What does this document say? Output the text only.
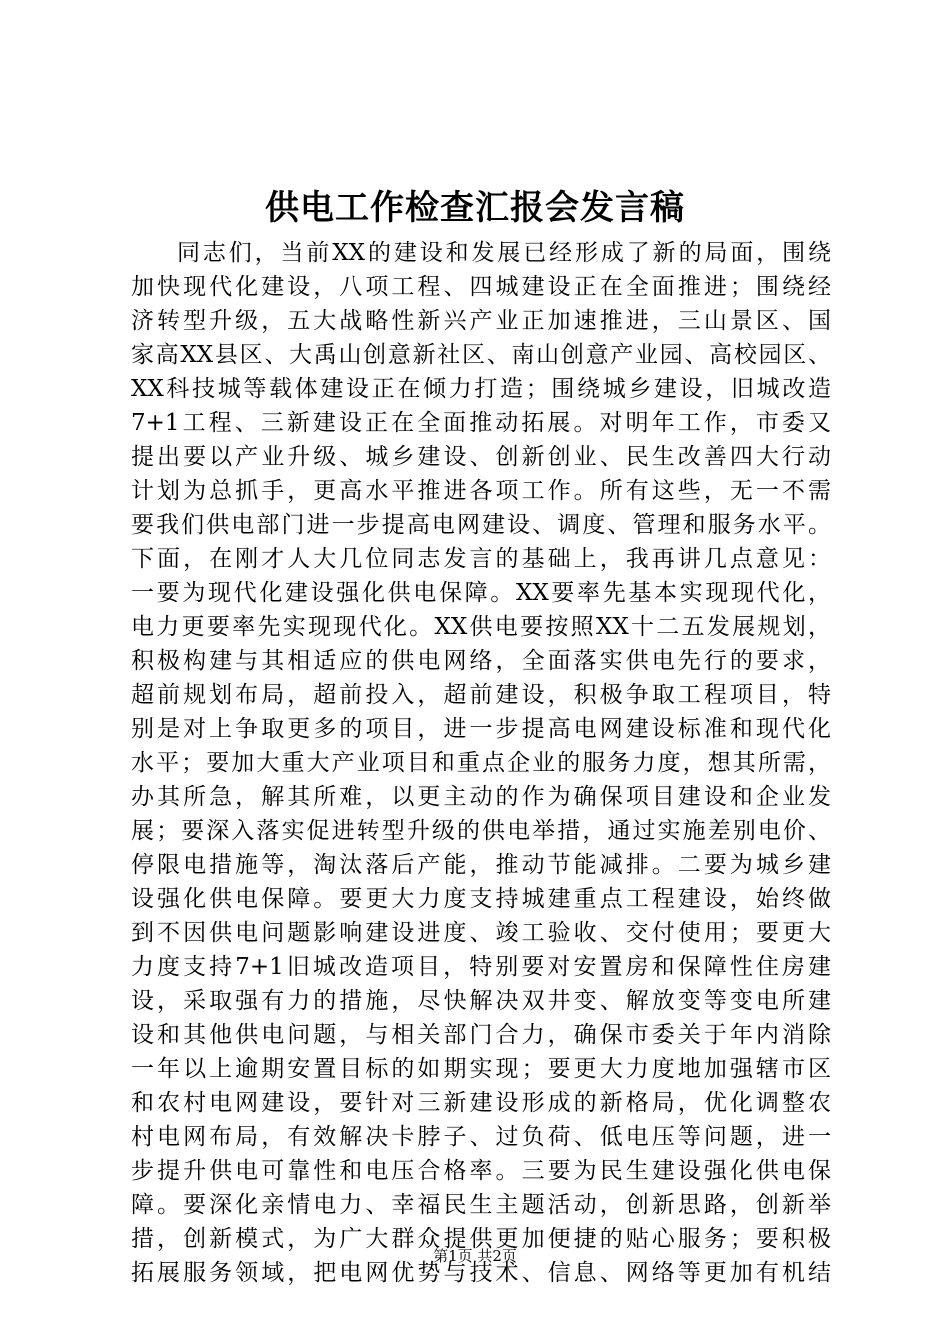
供电工作检查汇报会发言稿
同志们，当前XX的建设和发展已经形成了新的局面，围绕
加快现代化建设，八项工程、四城建设正在全面推进；围绕经
济转型升级，五大战略性新兴产业正加速推进，三山景区、国
家高XX县区、大禹山创意新社区、南山创意产业园、高校园区、
XX科技城等载体建设正在倾力打造；围绕城乡建设，旧城改造
7+1工程、三新建设正在全面推动拓展。对明年工作，市委又
提出要以产业升级、城乡建设、创新创业、民生改善四大行动
计划为总抓手，更高水平推进各项工作。所有这些，无一不需
要我们供电部门进一步提高电网建设、调度、管理和服务水平。
下面，在刚才人大几位同志发言的基础上，我再讲几点意见：
一要为现代化建设强化供电保障。XX要率先基本实现现代化，
电力更要率先实现现代化。XX供电要按照XX十二五发展规划，
积极构建与其相适应的供电网络，全面落实供电先行的要求，
超前规划布局，超前投入，超前建设，积极争取工程项目，特
别是对上争取更多的项目，进一步提高电网建设标准和现代化
水平；要加大重大产业项目和重点企业的服务力度，想其所需，
办其所急，解其所难，以更主动的作为确保项目建设和企业发
展；要深入落实促进转型升级的供电举措，通过实施差别电价、
停限电措施等，淘汰落后产能，推动节能减排。二要为城乡建
设强化供电保障。要更大力度支持城建重点工程建设，始终做
到不因供电问题影响建设进度、竣工验收、交付使用；要更大
力度支持7+1旧城改造项目，特别要对安置房和保障性住房建
设，采取强有力的措施，尽快解决双井变、解放变等变电所建
设和其他供电问题，与相关部门合力，确保市委关于年内消除
一年以上逾期安置目标的如期实现；要更大力度地加强辖市区
和农村电网建设，要针对三新建设形成的新格局，优化调整农
村电网布局，有效解决卡脖子、过负荷、低电压等问题，进一
步提升供电可靠性和电压合格率。三要为民生建设强化供电保
障。要深化亲情电力、幸福民生主题活动，创新思路，创新举
措，创新模式，为广大群众提供更加便捷的贴心服务；要积极
拓展服务领域，把电网优势与技术、信息、网络等更加有机结
第1页 共2页
